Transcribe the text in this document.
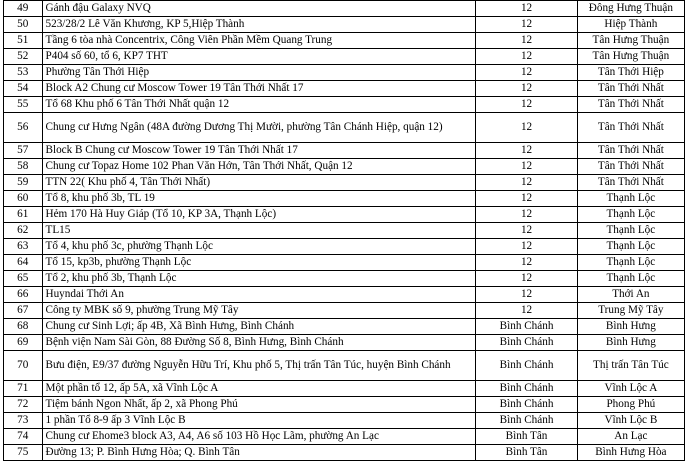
49	Gánh đậu Galaxy NVQ	12	Đông Hưng Thuận
50	523/28/2 Lê Văn Khương, KP 5,Hiệp Thành	12	Hiệp Thành
51	Tầng 6 tòa nhà Concentrix, Công Viên Phần Mềm Quang Trung	12	Tân Hưng Thuận
52	P404 số 60, tổ 6, KP7 THT	12	Tân Hưng Thuận
53	Phường Tân Thới Hiệp	12	Tân Thới Hiệp
54	Block A2 Chung cư Moscow Tower 19 Tân Thới Nhất 17	12	Tân Thới Nhất
55	Tổ 68 Khu phố 6 Tân Thới Nhất quận 12	12	Tân Thới Nhất
56	Chung cư Hưng Ngân (48A đường Dương Thị Mười, phường Tân Chánh Hiệp, quận 12)	12	Tân Thới Nhất
57	Block B Chung cư Moscow Tower 19 Tân Thới Nhất 17	12	Tân Thới Nhất
58	Chung cư Topaz Home 102 Phan Văn Hớn, Tân Thới Nhất, Quận 12	12	Tân Thới Nhất
59	TTN 22( Khu phố 4, Tân Thới Nhất)	12	Tân Thới Nhất
60	Tổ 8, khu phố 3b, TL 19	12	Thạnh Lộc
61	Hẻm 170 Hà Huy Giáp (Tổ 10, KP 3A, Thạnh Lộc)	12	Thạnh Lộc
62	TL15	12	Thạnh Lộc
63	Tổ 4, khu phố 3c, phường Thạnh Lộc	12	Thạnh Lộc
64	Tổ 15, kp3b, phường Thạnh Lộc	12	Thạnh Lộc
65	Tổ 2, khu phố 3b, Thạnh Lộc	12	Thạnh Lộc
66	Huyndai Thới An	12	Thới An
67	Công ty MBK số 9, phường Trung Mỹ Tây	12	Trung Mỹ Tây
68	Chung cư Sinh Lợi; ấp 4B, Xã Bình Hưng, Bình Chánh	Bình Chánh	Bình Hưng
69	Bệnh viện Nam Sài Gòn, 88 Đường Số 8, Bình Hưng, Bình Chánh	Bình Chánh	Bình Hưng
70	Bưu điện, E9/37 đường Nguyễn Hữu Trí, Khu phố 5, Thị trấn Tân Túc, huyện Bình Chánh	Bình Chánh	Thị trấn Tân Túc
71	Một phần tổ 12, ấp 5A, xã Vĩnh Lộc A	Bình Chánh	Vĩnh Lộc A
72	Tiệm bánh Ngon Nhất, ấp 2, xã Phong Phú	Bình Chánh	Phong Phú
73	1 phần Tổ 8-9 ấp 3 Vĩnh Lộc B	Bình Chánh	Vĩnh Lộc B
74	Chung cư Ehome3 block A3, A4, A6 số 103 Hồ Học Lãm, phường An Lạc	Bình Tân	An Lạc
75	Đường 13; P. Bình Hưng Hòa; Q. Bình Tân	Bình Tân	Bình Hưng Hòa
